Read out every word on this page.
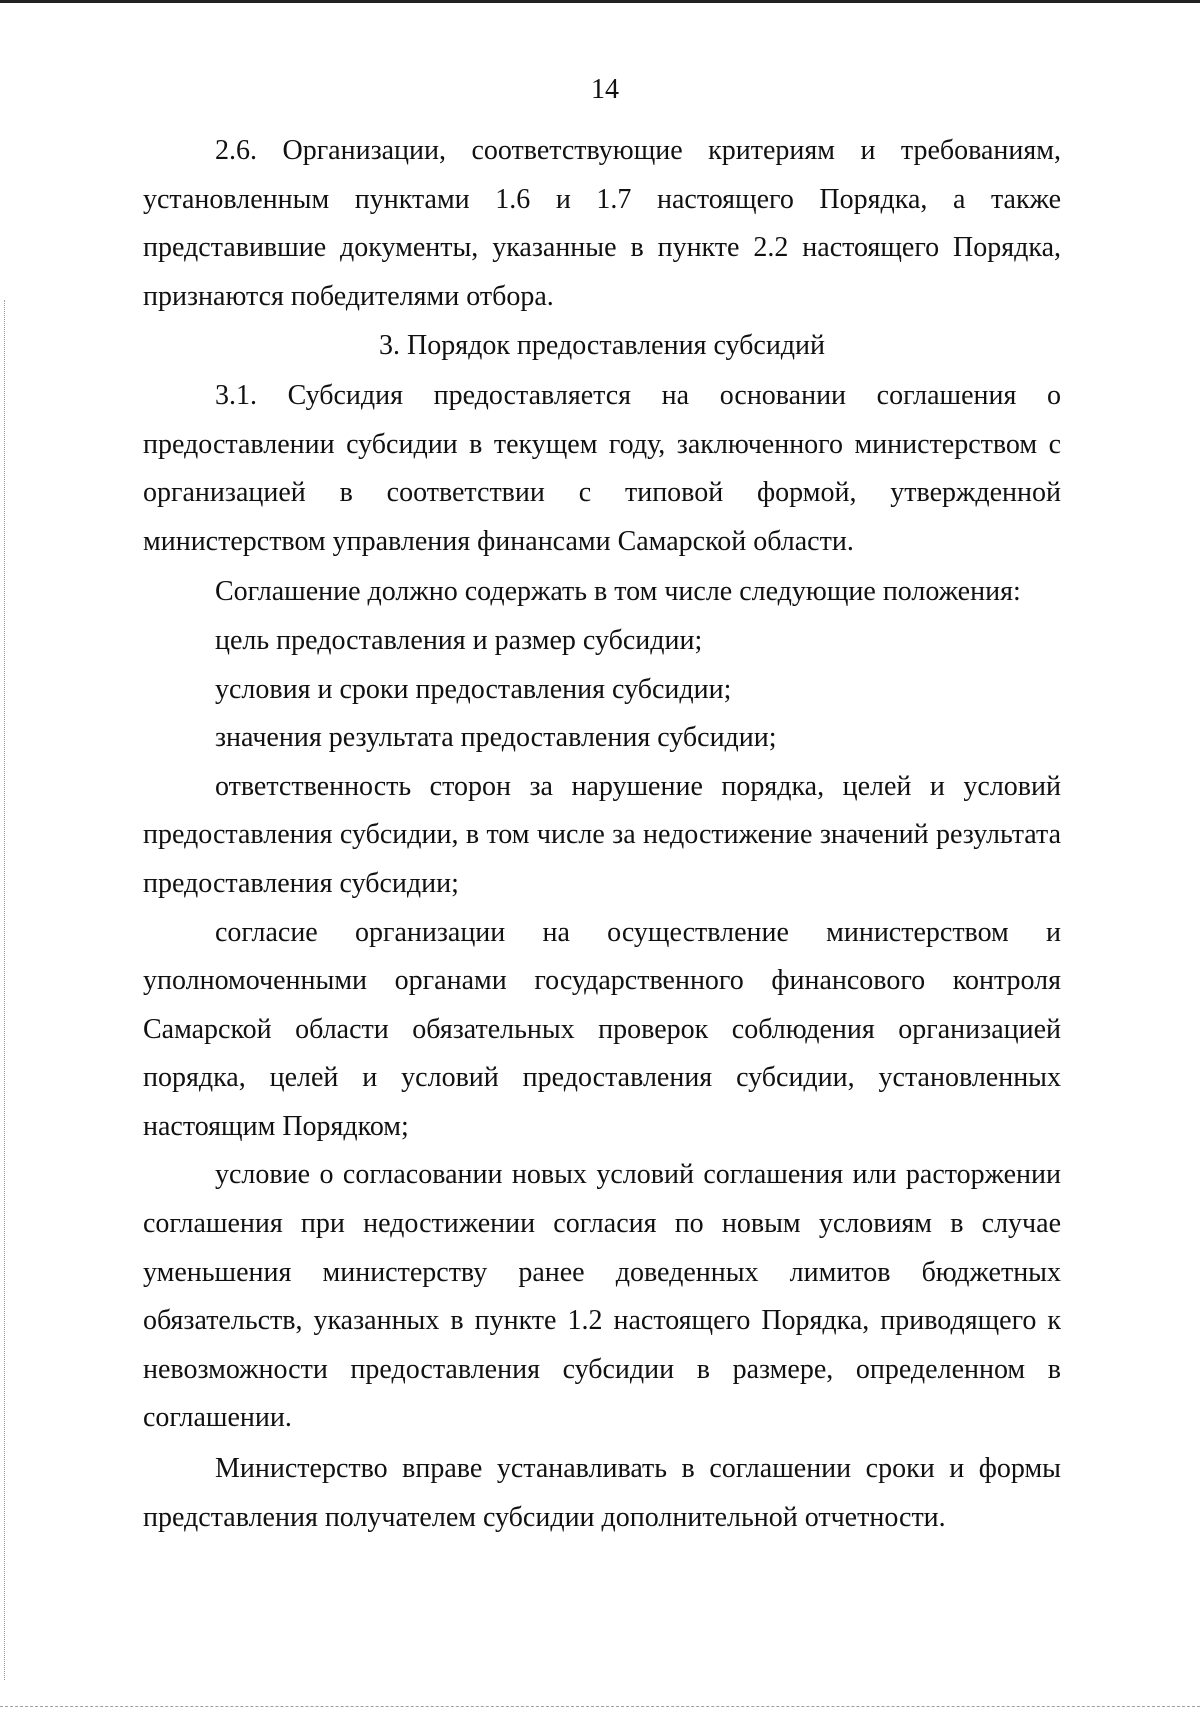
14

2.6. Организации, соответствующие критериям и требованиям, установленным пунктами 1.6 и 1.7 настоящего Порядка, а также представившие документы, указанные в пункте 2.2 настоящего Порядка, признаются победителями отбора.

3. Порядок предоставления субсидий

3.1. Субсидия предоставляется на основании соглашения о предоставлении субсидии в текущем году, заключенного министерством с организацией в соответствии с типовой формой, утвержденной министерством управления финансами Самарской области.

Соглашение должно содержать в том числе следующие положения:

цель предоставления и размер субсидии;

условия и сроки предоставления субсидии;

значения результата предоставления субсидии;

ответственность сторон за нарушение порядка, целей и условий предоставления субсидии, в том числе за недостижение значений результата предоставления субсидии;

согласие организации на осуществление министерством и уполномоченными органами государственного финансового контроля Самарской области обязательных проверок соблюдения организацией порядка, целей и условий предоставления субсидии, установленных настоящим Порядком;

условие о согласовании новых условий соглашения или расторжении соглашения при недостижении согласия по новым условиям в случае уменьшения министерству ранее доведенных лимитов бюджетных обязательств, указанных в пункте 1.2 настоящего Порядка, приводящего к невозможности предоставления субсидии в размере, определенном в соглашении.

Министерство вправе устанавливать в соглашении сроки и формы представления получателем субсидии дополнительной отчетности.
